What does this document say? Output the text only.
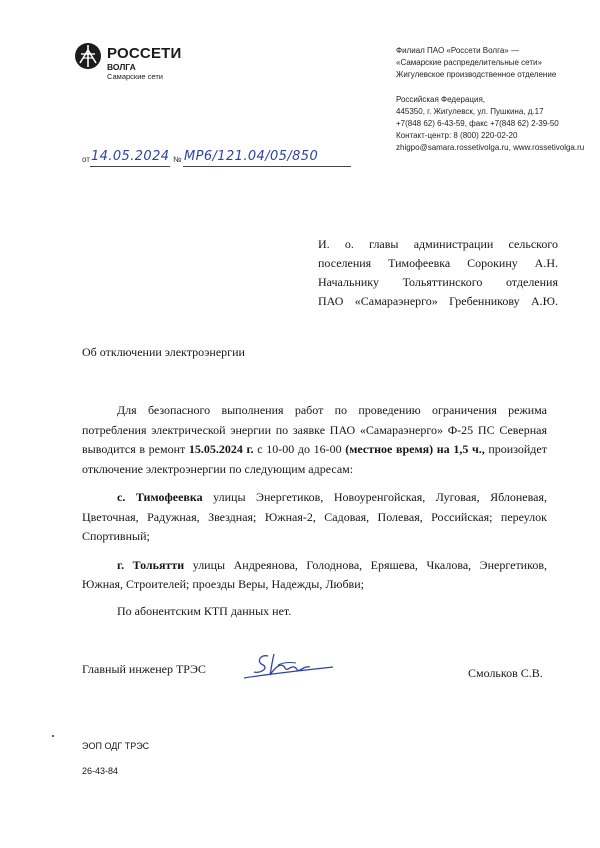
РОССЕТИ
ВОЛГА
Самарские сети
Филиал ПАО «Россети Волга» —
«Самарские распределительные сети»
Жигулевское производственное отделение
Российская Федерация,
445350, г. Жигулевск, ул. Пушкина, д.17
+7(848 62) 6-43-59, факс +7(848 62) 2-39-50
Контакт-центр: 8 (800) 220-02-20
zhigpo@samara.rossetivolga.ru, www.rossetivolga.ru
от 14.05.2024 № МР6/121.04/05/850
И. о. главы администрации сельского
поселения Тимофеевка Сорокину А.Н.
Начальнику Тольяттинского отделения
ПАО «Самараэнерго» Гребенникову А.Ю.
Об отключении электроэнергии

Для безопасного выполнения работ по проведению ограничения режима потребления электрической энергии по заявке ПАО «Самараэнерго» Ф-25 ПС Северная выводится в ремонт 15.05.2024 г. с 10-00 до 16-00 (местное время) на 1,5 ч., произойдет отключение электроэнергии по следующим адресам:

с. Тимофеевка улицы Энергетиков, Новоуренгойская, Луговая, Яблоневая, Цветочная, Радужная, Звездная; Южная-2, Садовая, Полевая, Российская; переулок Спортивный;

г. Тольятти улицы Андреянова, Голоднова, Еряшева, Чкалова, Энергетиков, Южная, Строителей; проезды Веры, Надежды, Любви;

По абонентским КТП данных нет.

Главный инженер ТРЭС	Смольков С.В.
ЭОП ОДГ ТРЭС
26-43-84
